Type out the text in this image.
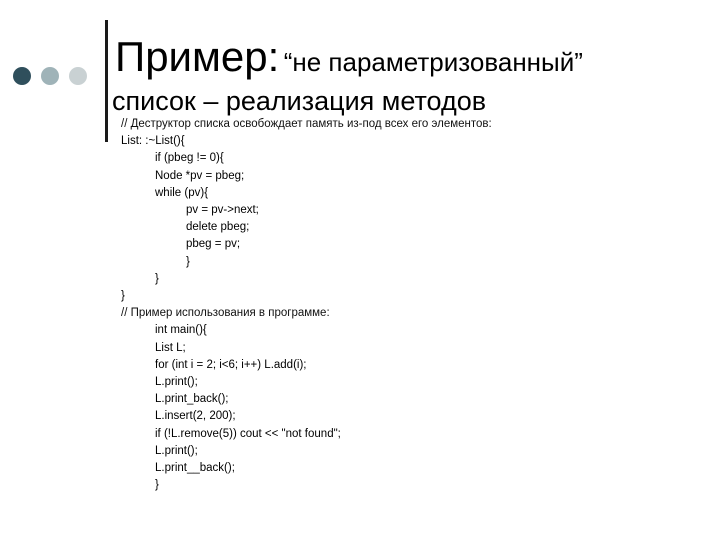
Пример: “не параметризованный”
список – реализация методов
// Деструктор списка освобождает память из-под всех его элементов:
List: :~List(){
if (pbeg != 0){
Node *pv = pbeg;
while (pv){
pv = pv->next;
delete pbeg;
pbeg = pv;
}
}
}
// Пример использования в программе:
int main(){
List L;
for (int i = 2; i<6; i++) L.add(i);
L.print();
L.print_back();
L.insert(2, 200);
if (!L.remove(5)) cout << "not found";
L.print();
L.print__back();
}
